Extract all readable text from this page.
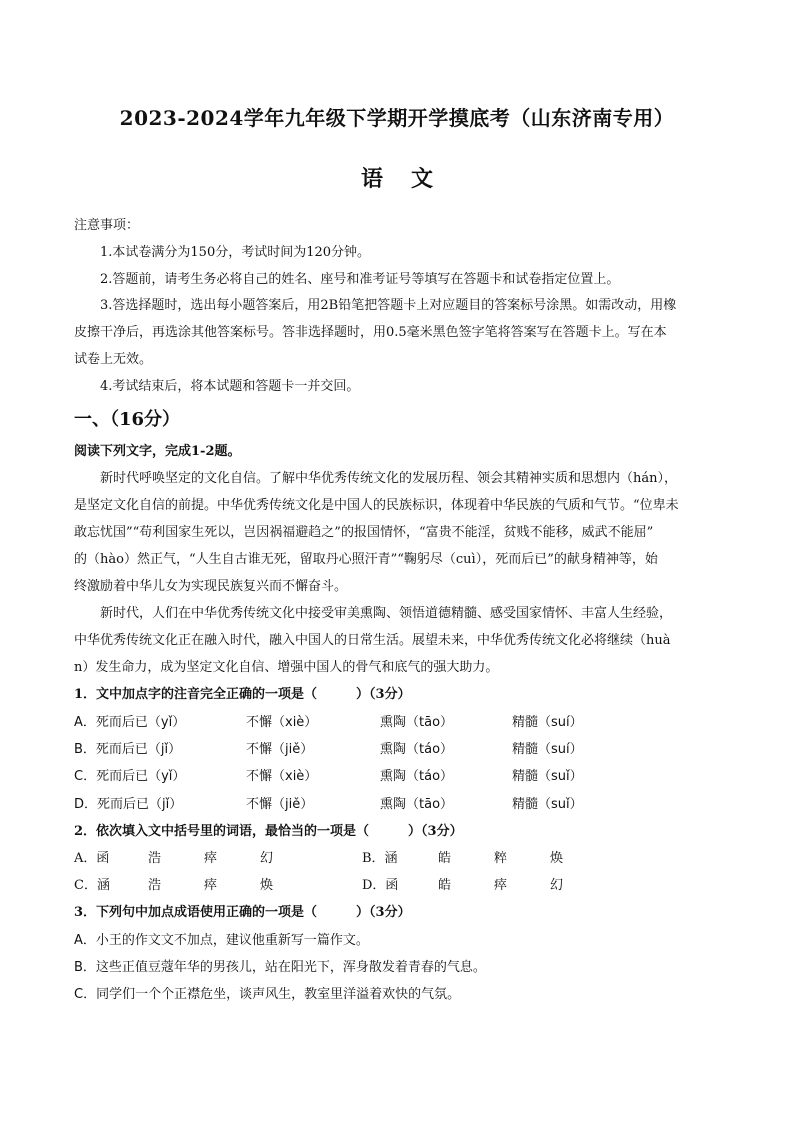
2023-2024学年九年级下学期开学摸底考（山东济南专用）
语文
注意事项：
1.本试卷满分为150分，考试时间为120分钟。
2.答题前，请考生务必将自己的姓名、座号和准考证号等填写在答题卡和试卷指定位置上。
3.答选择题时，选出每小题答案后，用2B铅笔把答题卡上对应题目的答案标号涂黑。如需改动，用橡
皮擦干净后，再选涂其他答案标号。答非选择题时，用0.5毫米黑色签字笔将答案写在答题卡上。写在本
试卷上无效。
4.考试结束后，将本试题和答题卡一并交回。
一、（16分）
阅读下列文字，完成1-2题。
新时代呼唤坚定的文化自信。了解中华优秀传统文化的发展历程、领会其精神实质和思想内（hán），
是坚定文化自信的前提。中华优秀传统文化是中国人的民族标识，体现着中华民族的气质和气节。“位卑未
敢忘忧国”“苟利国家生死以，岂因祸福避趋之”的报国情怀，“富贵不能淫，贫贱不能移，威武不能屈”
的（hào）然正气，“人生自古谁无死，留取丹心照汗青”“鞠躬尽（cuì），死而后已”的献身精神等，始
终激励着中华儿女为实现民族复兴而不懈奋斗。
新时代，人们在中华优秀传统文化中接受审美熏陶、领悟道德精髓、感受国家情怀、丰富人生经验，
中华优秀传统文化正在融入时代，融入中国人的日常生活。展望未来，中华优秀传统文化必将继续（huà
n）发生命力，成为坚定文化自信、增强中国人的骨气和底气的强大助力。
1．文中加点字的注音完全正确的一项是（　　　）（3分）
A．死而后已（yǐ）	不懈（xiè）	熏陶（tāo）	精髓（suí）
B．死而后已（jǐ）	不懈（jiě）	熏陶（táo）	精髓（suí）
C．死而后已（yǐ）	不懈（xiè）	熏陶（táo）	精髓（suǐ）
D．死而后已（jǐ）	不懈（jiě）	熏陶（tāo）	精髓（suǐ）
2．依次填入文中括号里的词语，最恰当的一项是（　　　）（3分）
A．函	浩	瘁	幻	B．涵	皓	粹	焕
C．涵	浩	瘁	焕	D．函	皓	瘁	幻
3．下列句中加点成语使用正确的一项是（　　　）（3分）
A．小王的作文文不加点，建议他重新写一篇作文。
B．这些正值豆蔻年华的男孩儿，站在阳光下，浑身散发着青春的气息。
C．同学们一个个正襟危坐，谈声风生，教室里洋溢着欢快的气氛。
